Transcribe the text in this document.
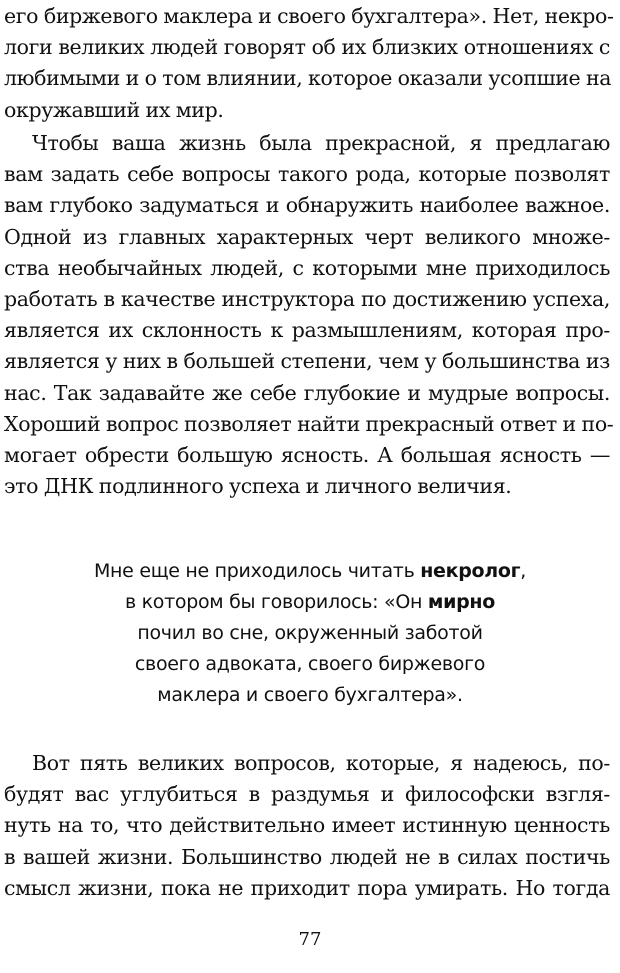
его биржевого маклера и своего бухгалтера». Нет, некро-
логи великих людей говорят об их близких отношениях с
любимыми и о том влиянии, которое оказали усопшие на
окружавший их мир.
Чтобы ваша жизнь была прекрасной, я предлагаю
вам задать себе вопросы такого рода, которые позволят
вам глубоко задуматься и обнаружить наиболее важное.
Одной из главных характерных черт великого множе-
ства необычайных людей, с которыми мне приходилось
работать в качестве инструктора по достижению успеха,
является их склонность к размышлениям, которая про-
является у них в большей степени, чем у большинства из
нас. Так задавайте же себе глубокие и мудрые вопросы.
Хороший вопрос позволяет найти прекрасный ответ и по-
могает обрести большую ясность. А большая ясность —
это ДНК подлинного успеха и личного величия.
Мне еще не приходилось читать некролог,
в котором бы говорилось: «Он мирно
почил во сне, окруженный заботой
своего адвоката, своего биржевого
маклера и своего бухгалтера».
Вот пять великих вопросов, которые, я надеюсь, по-
будят вас углубиться в раздумья и философски взгля-
нуть на то, что действительно имеет истинную ценность
в вашей жизни. Большинство людей не в силах постичь
смысл жизни, пока не приходит пора умирать. Но тогда
77
